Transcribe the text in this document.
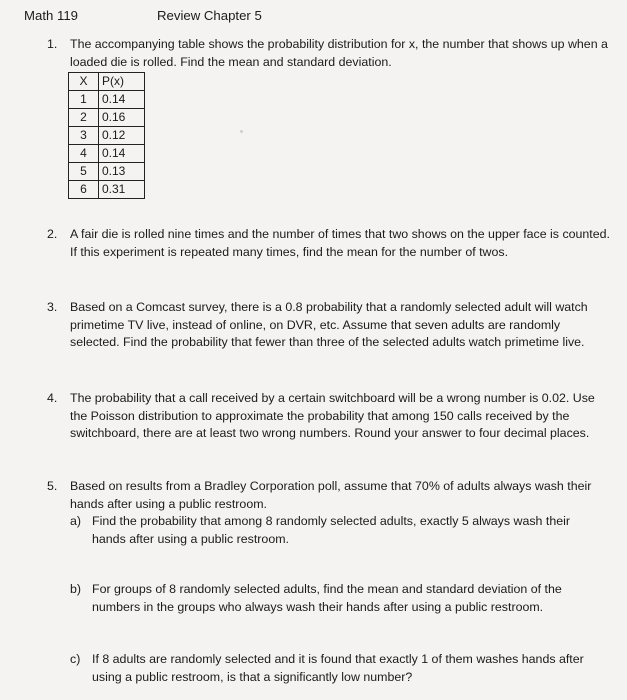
Math 119	Review Chapter 5
1. The accompanying table shows the probability distribution for x, the number that shows up when a loaded die is rolled. Find the mean and standard deviation.
X	P(x)
1	0.14
2	0.16
3	0.12
4	0.14
5	0.13
6	0.31
2. A fair die is rolled nine times and the number of times that two shows on the upper face is counted. If this experiment is repeated many times, find the mean for the number of twos.
3. Based on a Comcast survey, there is a 0.8 probability that a randomly selected adult will watch primetime TV live, instead of online, on DVR, etc. Assume that seven adults are randomly selected. Find the probability that fewer than three of the selected adults watch primetime live.
4. The probability that a call received by a certain switchboard will be a wrong number is 0.02. Use the Poisson distribution to approximate the probability that among 150 calls received by the switchboard, there are at least two wrong numbers. Round your answer to four decimal places.
5. Based on results from a Bradley Corporation poll, assume that 70% of adults always wash their hands after using a public restroom.
a) Find the probability that among 8 randomly selected adults, exactly 5 always wash their hands after using a public restroom.
b) For groups of 8 randomly selected adults, find the mean and standard deviation of the numbers in the groups who always wash their hands after using a public restroom.
c) If 8 adults are randomly selected and it is found that exactly 1 of them washes hands after using a public restroom, is that a significantly low number?
